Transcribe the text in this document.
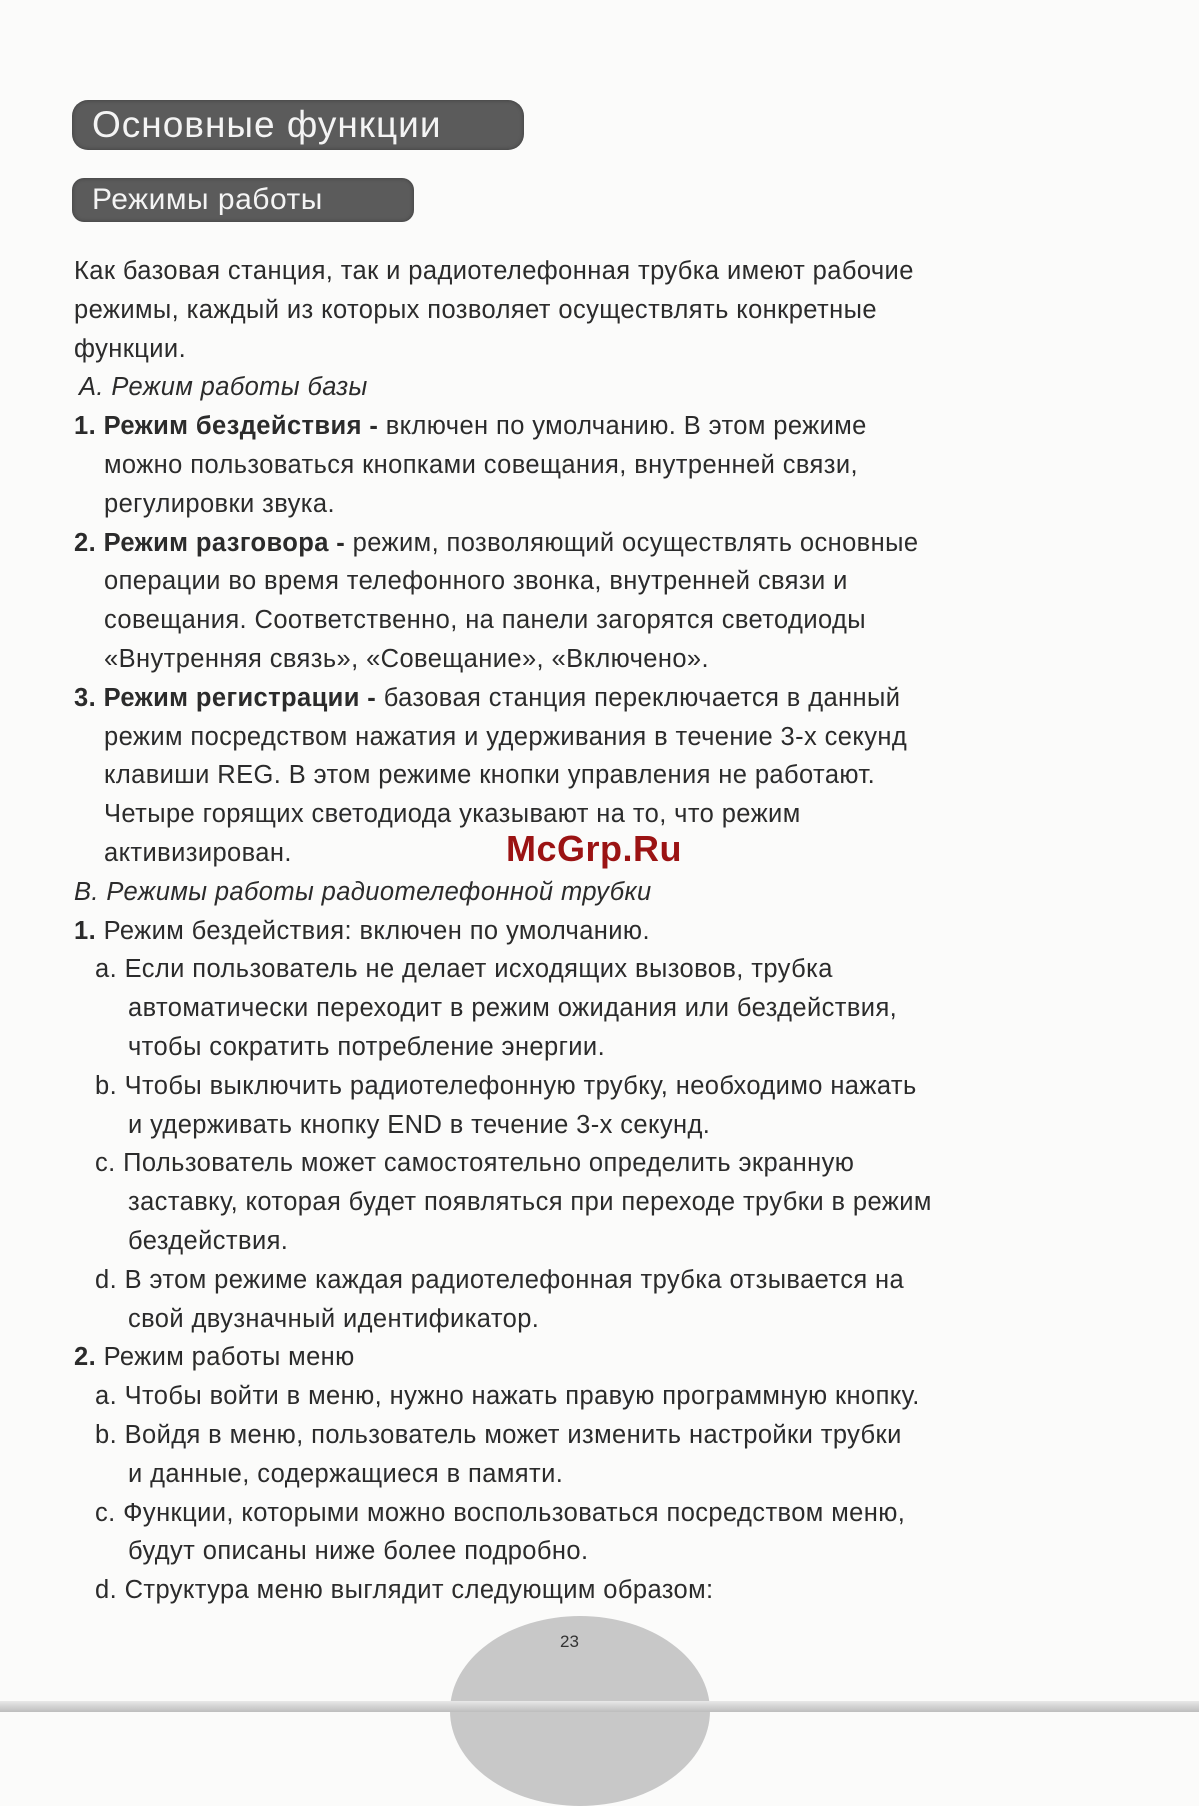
Основные функции
Режимы работы
Как базовая станция, так и радиотелефонная трубка имеют рабочие
режимы, каждый из которых позволяет осуществлять конкретные
функции.
А. Режим работы базы
1. Режим бездействия - включен по умолчанию. В этом режиме
можно пользоваться кнопками совещания, внутренней связи,
регулировки звука.
2. Режим разговора - режим, позволяющий осуществлять основные
операции во время телефонного звонка, внутренней связи и
совещания. Соответственно, на панели загорятся светодиоды
«Внутренняя связь», «Совещание», «Включено».
3. Режим регистрации - базовая станция переключается в данный
режим посредством нажатия и удерживания в течение 3-х секунд
клавиши REG. В этом режиме кнопки управления не работают.
Четыре горящих светодиода указывают на то, что режим
активизирован.
В. Режимы работы радиотелефонной трубки
1. Режим бездействия: включен по умолчанию.
a. Если пользователь не делает исходящих вызовов, трубка
автоматически переходит в режим ожидания или бездействия,
чтобы сократить потребление энергии.
b. Чтобы выключить радиотелефонную трубку, необходимо нажать
и удерживать кнопку END в течение 3-х секунд.
c. Пользователь может самостоятельно определить экранную
заставку, которая будет появляться при переходе трубки в режим
бездействия.
d. В этом режиме каждая радиотелефонная трубка отзывается на
свой двузначный идентификатор.
2. Режим работы меню
a. Чтобы войти в меню, нужно нажать правую программную кнопку.
b. Войдя в меню, пользователь может изменить настройки трубки
и данные, содержащиеся в памяти.
c. Функции, которыми можно воспользоваться посредством меню,
будут описаны ниже более подробно.
d. Структура меню выглядит следующим образом:
McGrp.Ru
23
